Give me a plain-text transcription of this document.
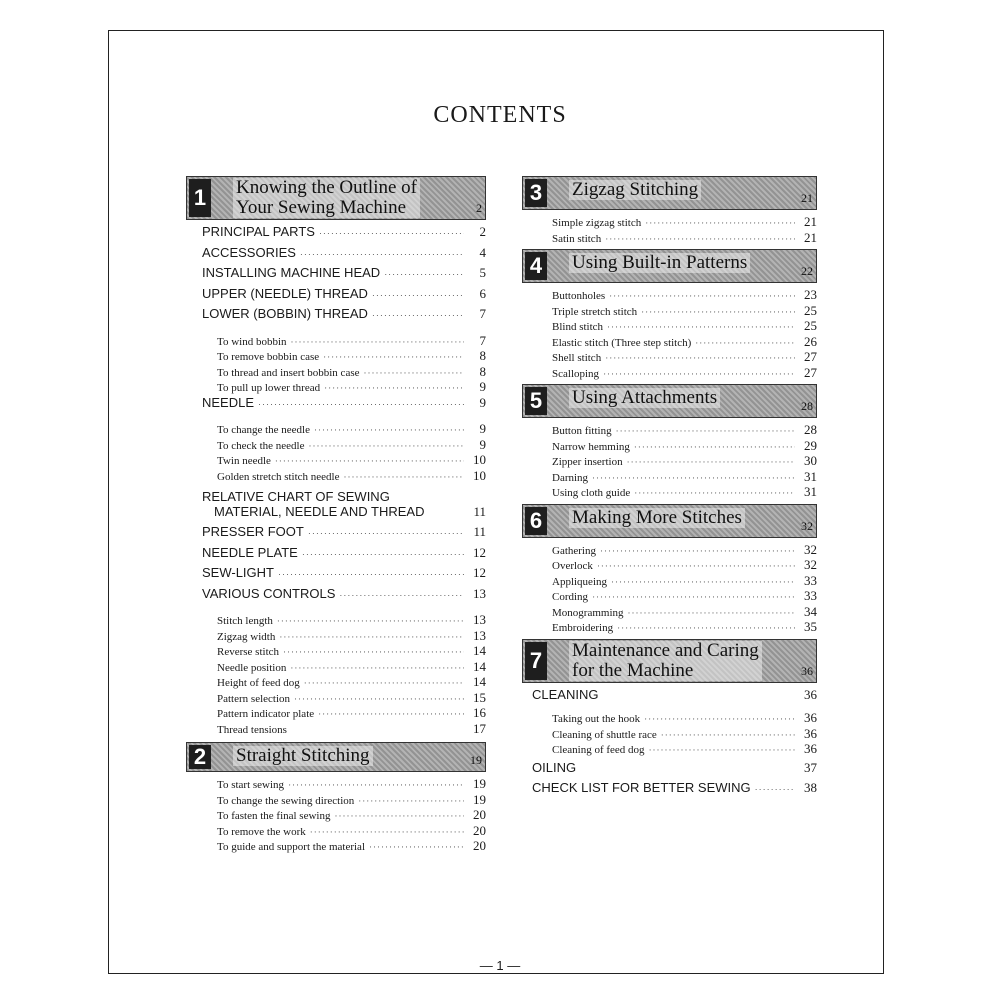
CONTENTS
1 Knowing the Outline of
Your Sewing Machine	2
PRINCIPAL PARTS ·····	2
ACCESSORIES ·····	4
INSTALLING MACHINE HEAD ·····	5
UPPER (NEEDLE) THREAD ·····	6
LOWER (BOBBIN) THREAD ·····	7
To wind bobbin ·····	7
To remove bobbin case ·····	8
To thread and insert bobbin case ·····	8
To pull up lower thread ·····	9
NEEDLE ·····	9
To change the needle ·····	9
To check the needle ·····	9
Twin needle ·····	10
Golden stretch stitch needle ·····	10
RELATIVE CHART OF SEWING
MATERIAL, NEEDLE AND THREAD	11
PRESSER FOOT ·····	11
NEEDLE PLATE ·····	12
SEW-LIGHT ·····	12
VARIOUS CONTROLS ·····	13
Stitch length ·····	13
Zigzag width ·····	13
Reverse stitch ·····	14
Needle position ·····	14
Height of feed dog ·····	14
Pattern selection ·····	15
Pattern indicator plate ·····	16
Thread tensions	17
2 Straight Stitching	19
To start sewing ·····	19
To change the sewing direction ·····	19
To fasten the final sewing ·····	20
To remove the work ·····	20
To guide and support the material ·····	20
3 Zigzag Stitching	21
Simple zigzag stitch ·····	21
Satin stitch ·····	21
4 Using Built-in Patterns	22
Buttonholes ·····	23
Triple stretch stitch ·····	25
Blind stitch ·····	25
Elastic stitch (Three step stitch) ·····	26
Shell stitch ·····	27
Scalloping ·····	27
5 Using Attachments	28
Button fitting ·····	28
Narrow hemming ·····	29
Zipper insertion ·····	30
Darning ·····	31
Using cloth guide ·····	31
6 Making More Stitches	32
Gathering ·····	32
Overlock ·····	32
Appliqueing ·····	33
Cording ·····	33
Monogramming ·····	34
Embroidering ·····	35
7 Maintenance and Caring
for the Machine	36
CLEANING	36
Taking out the hook ·····	36
Cleaning of shuttle race ·····	36
Cleaning of feed dog ·····	36
OILING	37
CHECK LIST FOR BETTER SEWING ·····	38
— 1 —
